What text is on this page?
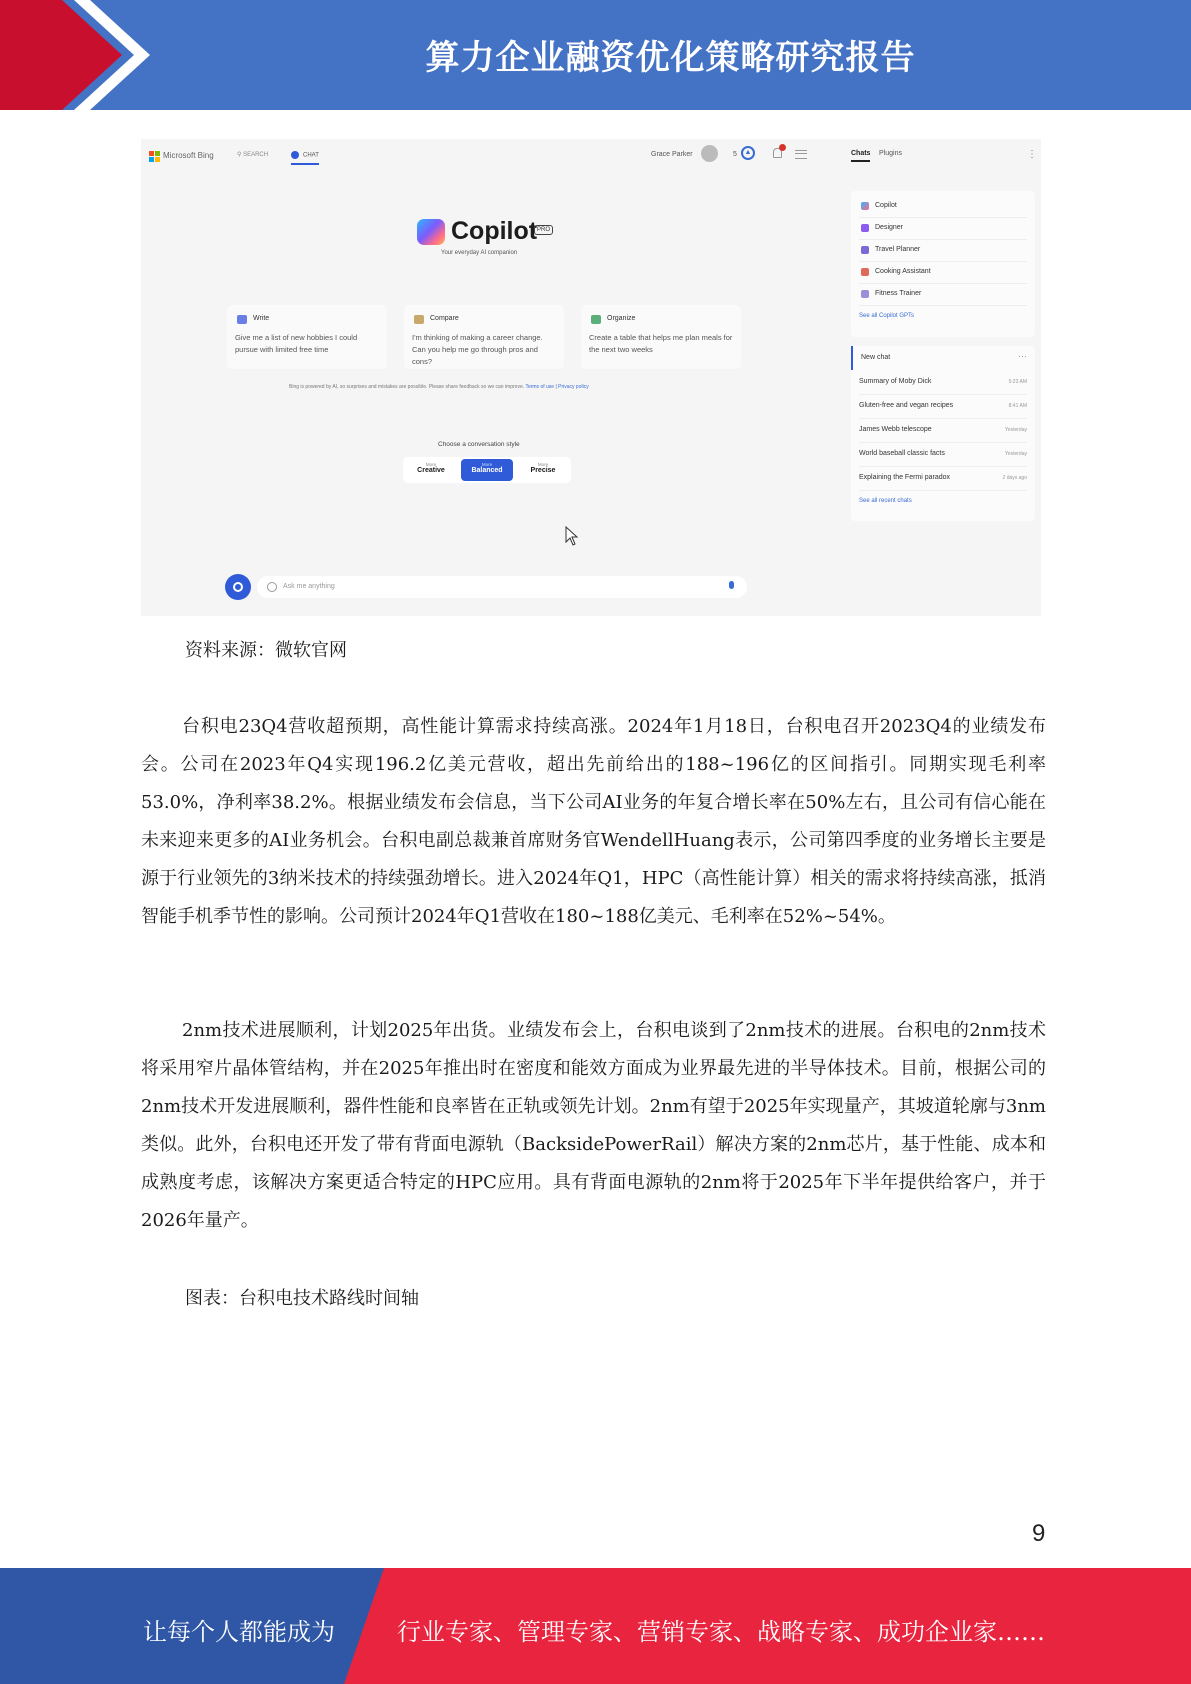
算力企业融资优化策略研究报告
Microsoft Bing	⚲ SEARCH	CHAT	Grace Parker	5	▲	Chats Plugins	⋮
Copilot PRO
Your everyday AI companion
Write
Give me a list of new hobbies I could pursue with limited free time
Compare
I'm thinking of making a career change. Can you help me go through pros and cons?
Organize
Create a table that helps me plan meals for the next two weeks
Bing is powered by AI, so surprises and mistakes are possible. Please share feedback so we can improve. Terms of use | Privacy policy
Choose a conversation style
More
Creative
More
Balanced
More
Precise
Ask me anything
Copilot
Designer
Travel Planner
Cooking Assistant
Fitness Trainer
See all Copilot GPTs
New chat	⋯
Summary of Moby Dick	5:23 AM
Gluten-free and vegan recipes	8:41 AM
James Webb telescope	Yesterday
World baseball classic facts	Yesterday
Explaining the Fermi paradox	2 days ago
See all recent chats
资料来源：微软官网

台积电23Q4营收超预期，高性能计算需求持续高涨。2024年1月18日，台积电召开2023Q4的业绩发布会。公司在2023年Q4实现196.2亿美元营收，超出先前给出的188~196亿的区间指引。同期实现毛利率53.0%，净利率38.2%。根据业绩发布会信息，当下公司AI业务的年复合增长率在50%左右，且公司有信心能在未来迎来更多的AI业务机会。台积电副总裁兼首席财务官WendellHuang表示，公司第四季度的业务增长主要是源于行业领先的3纳米技术的持续强劲增长。进入2024年Q1，HPC（高性能计算）相关的需求将持续高涨，抵消智能手机季节性的影响。公司预计2024年Q1营收在180~188亿美元、毛利率在52%~54%。

2nm技术进展顺利，计划2025年出货。业绩发布会上，台积电谈到了2nm技术的进展。台积电的2nm技术将采用窄片晶体管结构，并在2025年推出时在密度和能效方面成为业界最先进的半导体技术。目前，根据公司的2nm技术开发进展顺利，器件性能和良率皆在正轨或领先计划。2nm有望于2025年实现量产，其坡道轮廓与3nm类似。此外，台积电还开发了带有背面电源轨（BacksidePowerRail）解决方案的2nm芯片，基于性能、成本和成熟度考虑，该解决方案更适合特定的HPC应用。具有背面电源轨的2nm将于2025年下半年提供给客户，并于2026年量产。

图表：台积电技术路线时间轴
9
让每个人都能成为	行业专家、管理专家、营销专家、战略专家、成功企业家……
